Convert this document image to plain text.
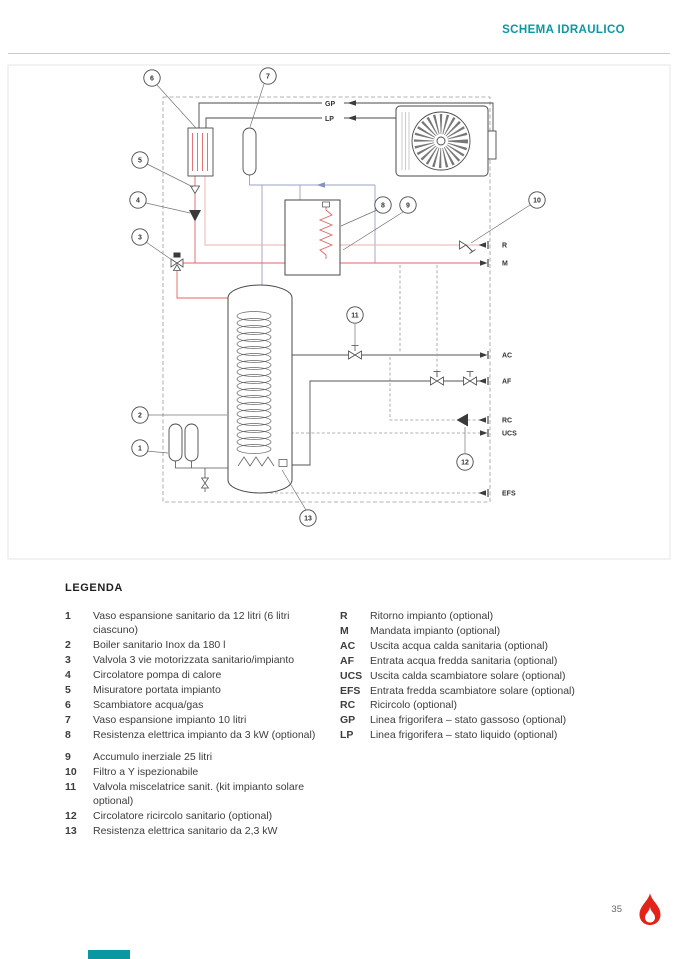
SCHEMA IDRAULICO
GP
LP
R
M
AC
AF
RC
UCS
EFS
1
2
3
4
5
6	7
8	9
10
11
12
13
LEGENDA
1	Vaso espansione sanitario da 12 litri (6 litri ciascuno)
2	Boiler sanitario Inox da 180 l
3	Valvola 3 vie motorizzata sanitario/impianto
4	Circolatore pompa di calore
5	Misuratore portata impianto
6	Scambiatore acqua/gas
7	Vaso espansione impianto 10 litri
8	Resistenza elettrica impianto da 3 kW (optional)
9	Accumulo inerziale 25 litri
10	Filtro a Y ispezionabile
11	Valvola miscelatrice sanit. (kit impianto solare optional)
12	Circolatore ricircolo sanitario (optional)
13	Resistenza elettrica sanitario da 2,3 kW
R	Ritorno impianto (optional)
M	Mandata impianto (optional)
AC	Uscita acqua calda sanitaria (optional)
AF	Entrata acqua fredda sanitaria (optional)
UCS Uscita calda scambiatore solare (optional)
EFS Entrata fredda scambiatore solare (optional)
RC	Ricircolo (optional)
GP	Linea frigorifera – stato gassoso (optional)
LP	Linea frigorifera – stato liquido (optional)
35
